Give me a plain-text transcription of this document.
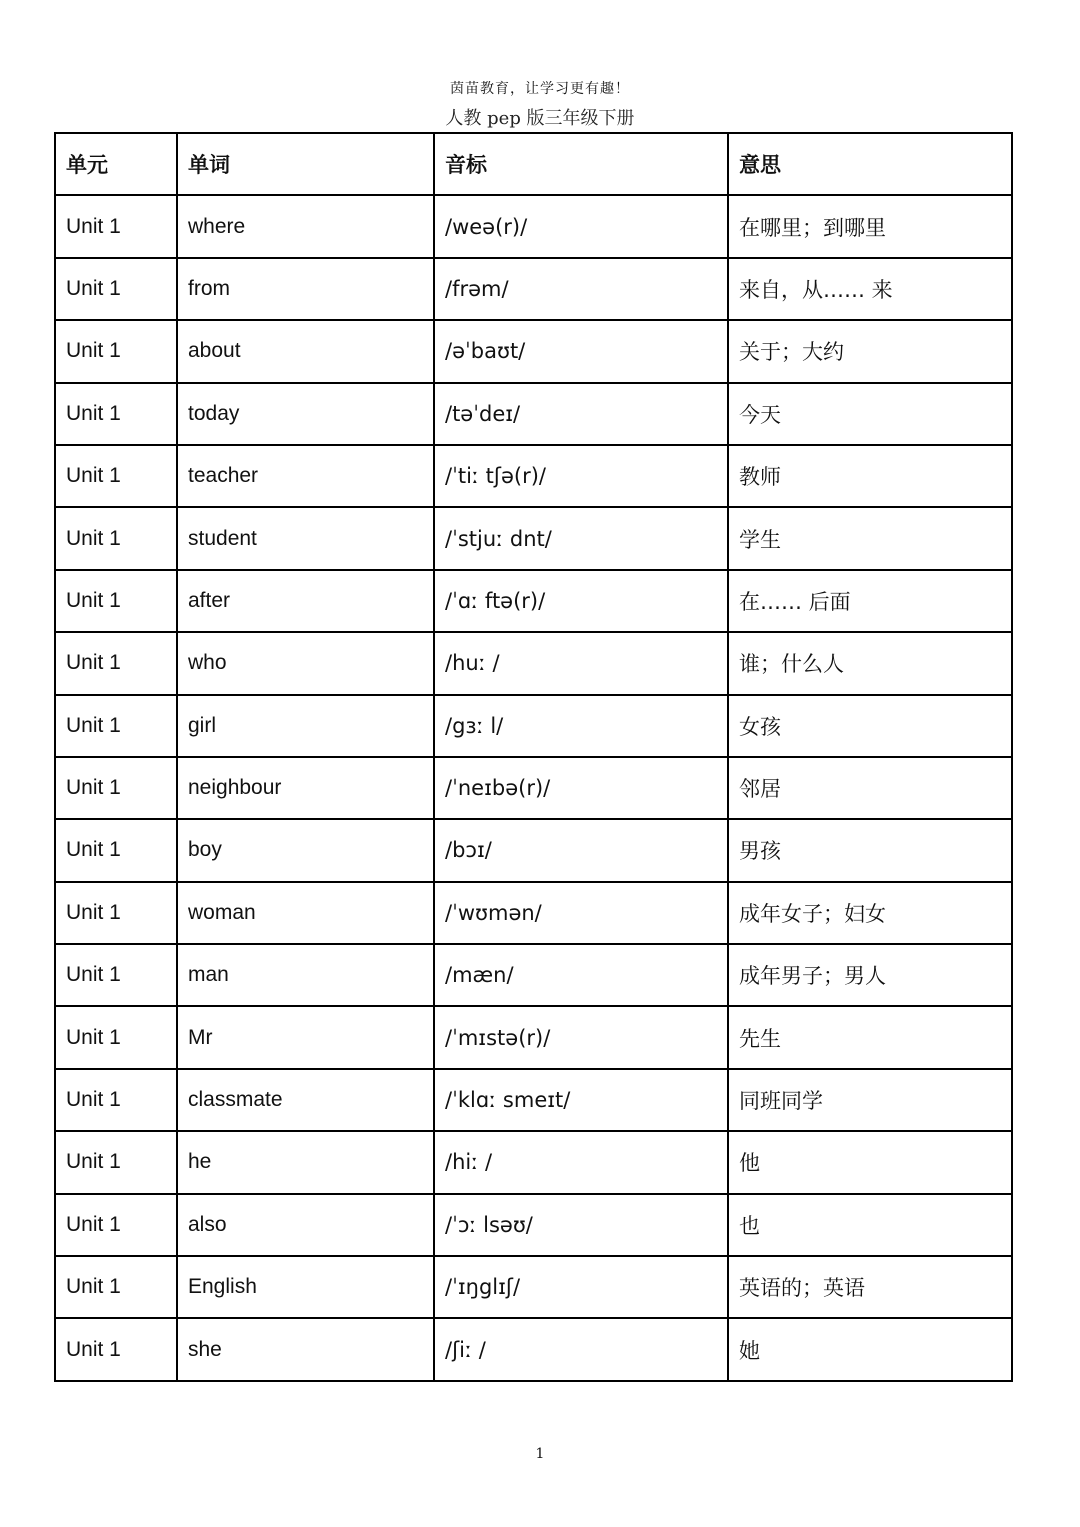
茵苗教育，让学习更有趣！
人教 pep 版三年级下册
单元	单词	音标	意思
Unit 1	where	/weə(r)/	在哪里；到哪里
Unit 1	from	/frəm/	来自，从…… 来
Unit 1	about	/əˈbaʊt/	关于；大约
Unit 1	today	/təˈdeɪ/	今天
Unit 1	teacher	/ˈtiː tʃə(r)/	教师
Unit 1	student	/ˈstjuː dnt/	学生
Unit 1	after	/ˈɑː ftə(r)/	在…… 后面
Unit 1	who	/huː /	谁；什么人
Unit 1	girl	/gɜː l/	女孩
Unit 1	neighbour	/ˈneɪbə(r)/	邻居
Unit 1	boy	/bɔɪ/	男孩
Unit 1	woman	/ˈwʊmən/	成年女子；妇女
Unit 1	man	/mæn/	成年男子；男人
Unit 1	Mr	/ˈmɪstə(r)/	先生
Unit 1	classmate	/ˈklɑː smeɪt/	同班同学
Unit 1	he	/hiː /	他
Unit 1	also	/ˈɔː lsəʊ/	也
Unit 1	English	/ˈɪŋglɪʃ/	英语的；英语
Unit 1	she	/ʃiː /	她
1
